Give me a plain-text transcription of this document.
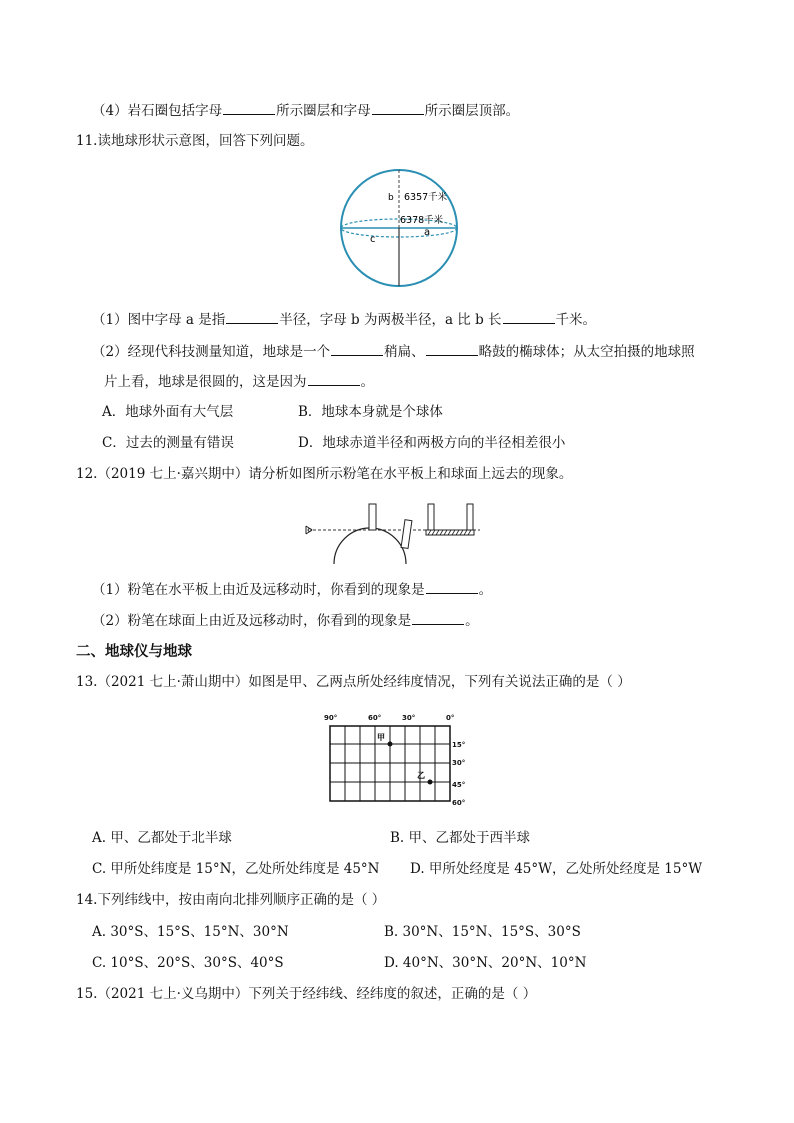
（4）岩石圈包括字母	所示圈层和字母	所示圈层顶部。
11.读地球形状示意图，回答下列问题。
b 6357千米
6378千米
a
c
（1）图中字母 a 是指	半径，字母 b 为两极半径，a 比 b 长	千米。
（2）经现代科技测量知道，地球是一个	稍扁、	略鼓的椭球体；从太空拍摄的地球照
片上看，地球是很圆的，这是因为	。
A．地球外面有大气层	B．地球本身就是个球体
C．过去的测量有错误	D．地球赤道半径和两极方向的半径相差很小
12.（2019 七上·嘉兴期中）请分析如图所示粉笔在水平板上和球面上远去的现象。
（1）粉笔在水平板上由近及远移动时，你看到的现象是	。
（2）粉笔在球面上由近及远移动时，你看到的现象是	。
二、地球仪与地球
13.（2021 七上·萧山期中）如图是甲、乙两点所处经纬度情况，下列有关说法正确的是（ ）
90°	60°	30°	0°
15°
30°
45°
60°
甲
乙
A. 甲、乙都处于北半球	B. 甲、乙都处于西半球
C. 甲所处纬度是 15°N，乙处所处纬度是 45°N D. 甲所处经度是 45°W，乙处所处经度是 15°W
14.下列纬线中，按由南向北排列顺序正确的是（ ）
A. 30°S、15°S、15°N、30°N	B. 30°N、15°N、15°S、30°S
C. 10°S、20°S、30°S、40°S	D. 40°N、30°N、20°N、10°N
15.（2021 七上·义乌期中）下列关于经纬线、经纬度的叙述，正确的是（ ）
